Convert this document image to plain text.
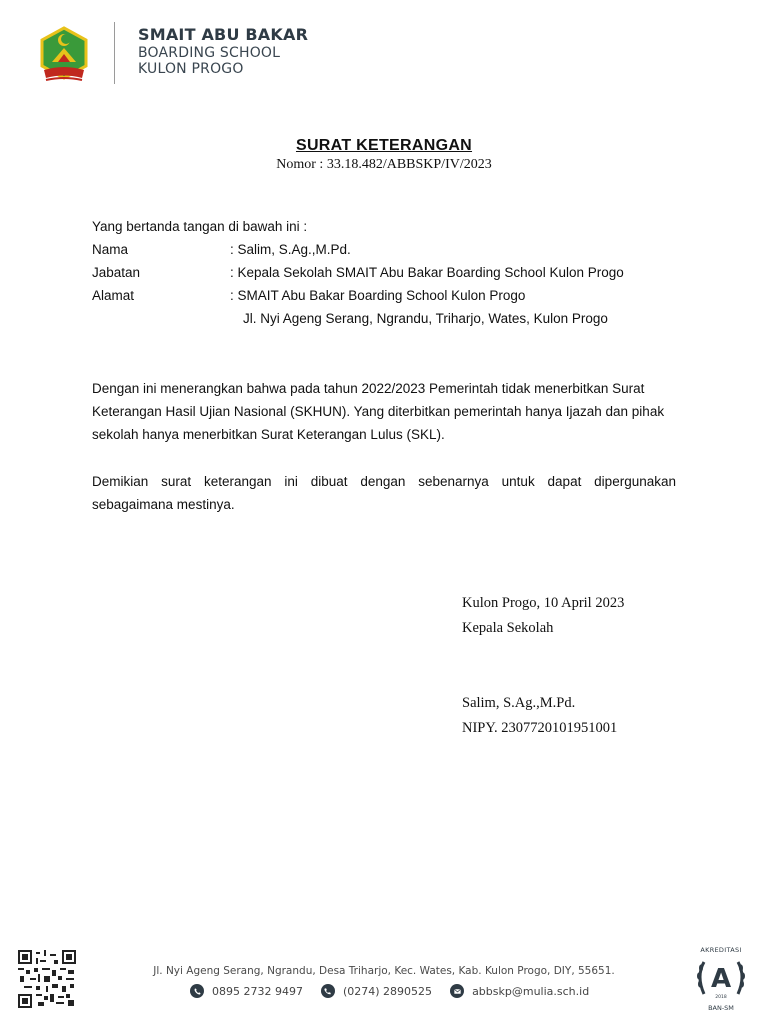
SMAIT ABU BAKAR
BOARDING SCHOOL
KULON PROGO
SURAT KETERANGAN
Nomor : 33.18.482/ABBSKP/IV/2023
Yang bertanda tangan di bawah ini :
Nama	: Salim, S.Ag.,M.Pd.
Jabatan	: Kepala Sekolah SMAIT Abu Bakar Boarding School Kulon Progo
Alamat	: SMAIT Abu Bakar Boarding School Kulon Progo
Jl. Nyi Ageng Serang, Ngrandu, Triharjo, Wates, Kulon Progo
Dengan ini menerangkan bahwa pada tahun 2022/2023 Pemerintah tidak menerbitkan Surat Keterangan Hasil Ujian Nasional (SKHUN). Yang diterbitkan pemerintah hanya Ijazah dan pihak sekolah hanya menerbitkan Surat Keterangan Lulus (SKL).
Demikian surat keterangan ini dibuat dengan sebenarnya untuk dapat dipergunakan sebagaimana mestinya.
Kulon Progo, 10 April 2023
Kepala Sekolah
Salim, S.Ag.,M.Pd.
NIPY. 2307720101951001
Jl. Nyi Ageng Serang, Ngrandu, Desa Triharjo, Kec. Wates, Kab. Kulon Progo, DIY, 55651.
0895 2732 9497	(0274) 2890525	abbskp@mulia.sch.id
AKREDITASI
A
2018
BAN-SM
